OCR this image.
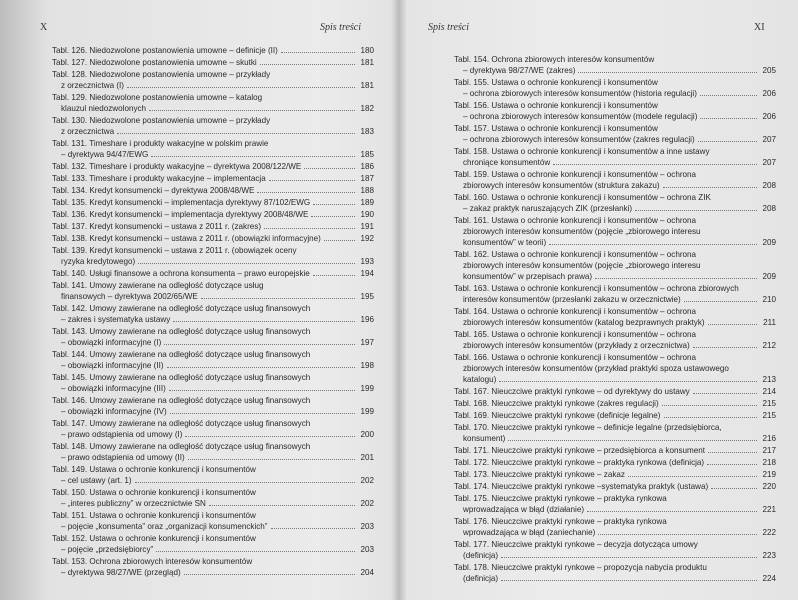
X	Spis treści
Tabl. 126. Niedozwolone postanowienia umowne – definicje (II)	180
Tabl. 127. Niedozwolone postanowienia umowne – skutki	181
Tabl. 128. Niedozwolone postanowienia umowne – przykłady
z orzecznictwa (I)	181
Tabl. 129. Niedozwolone postanowienia umowne – katalog
klauzul niedozwolonych	182
Tabl. 130. Niedozwolone postanowienia umowne – przykłady
z orzecznictwa	183
Tabl. 131. Timeshare i produkty wakacyjne w polskim prawie
– dyrektywa 94/47/EWG	185
Tabl. 132. Timeshare i produkty wakacyjne – dyrektywa 2008/122/WE	186
Tabl. 133. Timeshare i produkty wakacyjne – implementacja	187
Tabl. 134. Kredyt konsumencki – dyrektywa 2008/48/WE	188
Tabl. 135. Kredyt konsumencki – implementacja dyrektywy 87/102/EWG	189
Tabl. 136. Kredyt konsumencki – implementacja dyrektywy 2008/48/WE	190
Tabl. 137. Kredyt konsumencki – ustawa z 2011 r. (zakres)	191
Tabl. 138. Kredyt konsumencki – ustawa z 2011 r. (obowiązki informacyjne)	192
Tabl. 139. Kredyt konsumencki – ustawa z 2011 r. (obowiązek oceny
ryzyka kredytowego)	193
Tabl. 140. Usługi finansowe a ochrona konsumenta – prawo europejskie	194
Tabl. 141. Umowy zawierane na odległość dotyczące usług
finansowych – dyrektywa 2002/65/WE	195
Tabl. 142. Umowy zawierane na odległość dotyczące usług finansowych
– zakres i systematyka ustawy	196
Tabl. 143. Umowy zawierane na odległość dotyczące usług finansowych
– obowiązki informacyjne (I)	197
Tabl. 144. Umowy zawierane na odległość dotyczące usług finansowych
– obowiązki informacyjne (II)	198
Tabl. 145. Umowy zawierane na odległość dotyczące usług finansowych
– obowiązki informacyjne (III)	199
Tabl. 146. Umowy zawierane na odległość dotyczące usług finansowych
– obowiązki informacyjne (IV)	199
Tabl. 147. Umowy zawierane na odległość dotyczące usług finansowych
– prawo odstąpienia od umowy (I)	200
Tabl. 148. Umowy zawierane na odległość dotyczące usług finansowych
– prawo odstąpienia od umowy (II)	201
Tabl. 149. Ustawa o ochronie konkurencji i konsumentów
– cel ustawy (art. 1)	202
Tabl. 150. Ustawa o ochronie konkurencji i konsumentów
– „interes publiczny” w orzecznictwie SN	202
Tabl. 151. Ustawa o ochronie konkurencji i konsumentów
– pojęcie „konsumenta” oraz „organizacji konsumenckich”	203
Tabl. 152. Ustawa o ochronie konkurencji i konsumentów
– pojęcie „przedsiębiorcy”	203
Tabl. 153. Ochrona zbiorowych interesów konsumentów
– dyrektywa 98/27/WE (przegląd)	204
Spis treści	XI
Tabl. 154. Ochrona zbiorowych interesów konsumentów
– dyrektywa 98/27/WE (zakres)	205
Tabl. 155. Ustawa o ochronie konkurencji i konsumentów
– ochrona zbiorowych interesów konsumentów (historia regulacji)	206
Tabl. 156. Ustawa o ochronie konkurencji i konsumentów
– ochrona zbiorowych interesów konsumentów (modele regulacji)	206
Tabl. 157. Ustawa o ochronie konkurencji i konsumentów
– ochrona zbiorowych interesów konsumentów (zakres regulacji)	207
Tabl. 158. Ustawa o ochronie konkurencji i konsumentów a inne ustawy
chroniące konsumentów	207
Tabl. 159. Ustawa o ochronie konkurencji i konsumentów – ochrona
zbiorowych interesów konsumentów (struktura zakazu)	208
Tabl. 160. Ustawa o ochronie konkurencji i konsumentów – ochrona ZIK
– zakaz praktyk naruszających ZIK (przesłanki)	208
Tabl. 161. Ustawa o ochronie konkurencji i konsumentów – ochrona
zbiorowych interesów konsumentów (pojęcie „zbiorowego interesu
konsumentów” w teorii)	209
Tabl. 162. Ustawa o ochronie konkurencji i konsumentów – ochrona
zbiorowych interesów konsumentów (pojęcie „zbiorowego interesu
konsumentów” w przepisach prawa)	209
Tabl. 163. Ustawa o ochronie konkurencji i konsumentów – ochrona zbiorowych
interesów konsumentów (przesłanki zakazu w orzecznictwie)	210
Tabl. 164. Ustawa o ochronie konkurencji i konsumentów – ochrona
zbiorowych interesów konsumentów (katalog bezprawnych praktyk)	211
Tabl. 165. Ustawa o ochronie konkurencji i konsumentów – ochrona
zbiorowych interesów konsumentów (przykłady z orzecznictwa)	212
Tabl. 166. Ustawa o ochronie konkurencji i konsumentów – ochrona
zbiorowych interesów konsumentów (przykład praktyki spoza ustawowego
katalogu)	213
Tabl. 167. Nieuczciwe praktyki rynkowe – od dyrektywy do ustawy	214
Tabl. 168. Nieuczciwe praktyki rynkowe (zakres regulacji)	215
Tabl. 169. Nieuczciwe praktyki rynkowe (definicje legalne)	215
Tabl. 170. Nieuczciwe praktyki rynkowe – definicje legalne (przedsiębiorca,
konsument)	216
Tabl. 171. Nieuczciwe praktyki rynkowe – przedsiębiorca a konsument	217
Tabl. 172. Nieuczciwe praktyki rynkowe – praktyka rynkowa (definicja)	218
Tabl. 173. Nieuczciwe praktyki rynkowe – zakaz	219
Tabl. 174. Nieuczciwe praktyki rynkowe –systematyka praktyk (ustawa)	220
Tabl. 175. Nieuczciwe praktyki rynkowe – praktyka rynkowa
wprowadzająca w błąd (działanie)	221
Tabl. 176. Nieuczciwe praktyki rynkowe – praktyka rynkowa
wprowadzająca w błąd (zaniechanie)	222
Tabl. 177. Nieuczciwe praktyki rynkowe – decyzja dotycząca umowy
(definicja)	223
Tabl. 178. Nieuczciwe praktyki rynkowe – propozycja nabycia produktu
(definicja)	224
